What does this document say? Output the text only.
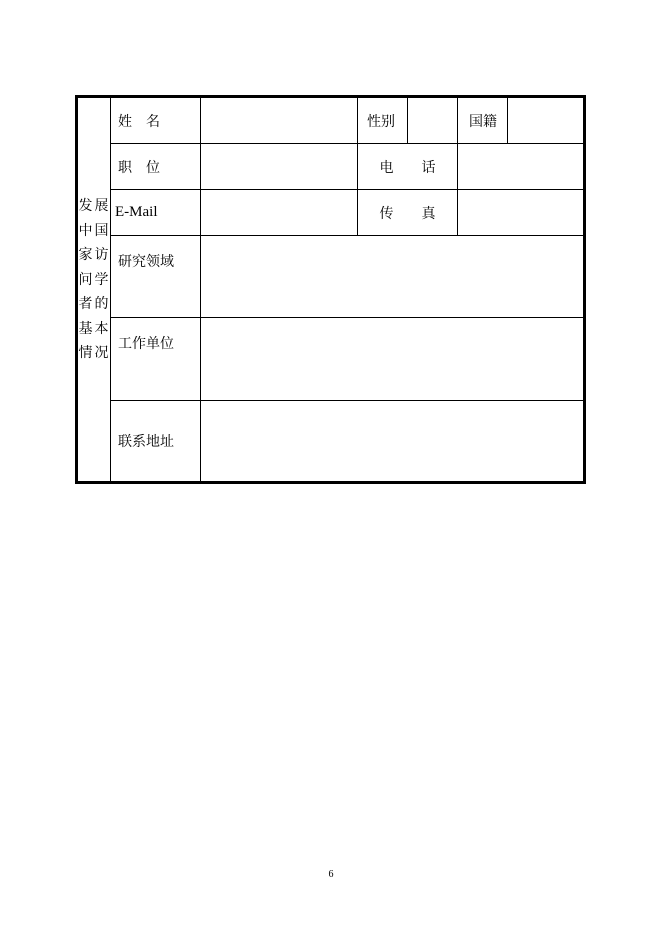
发展
中国
家访
问学
者的
基本
情况
姓　名	性别	国籍
职　位	电　　话
E-Mail	传　　真
研究领域
工作单位
联系地址
6
